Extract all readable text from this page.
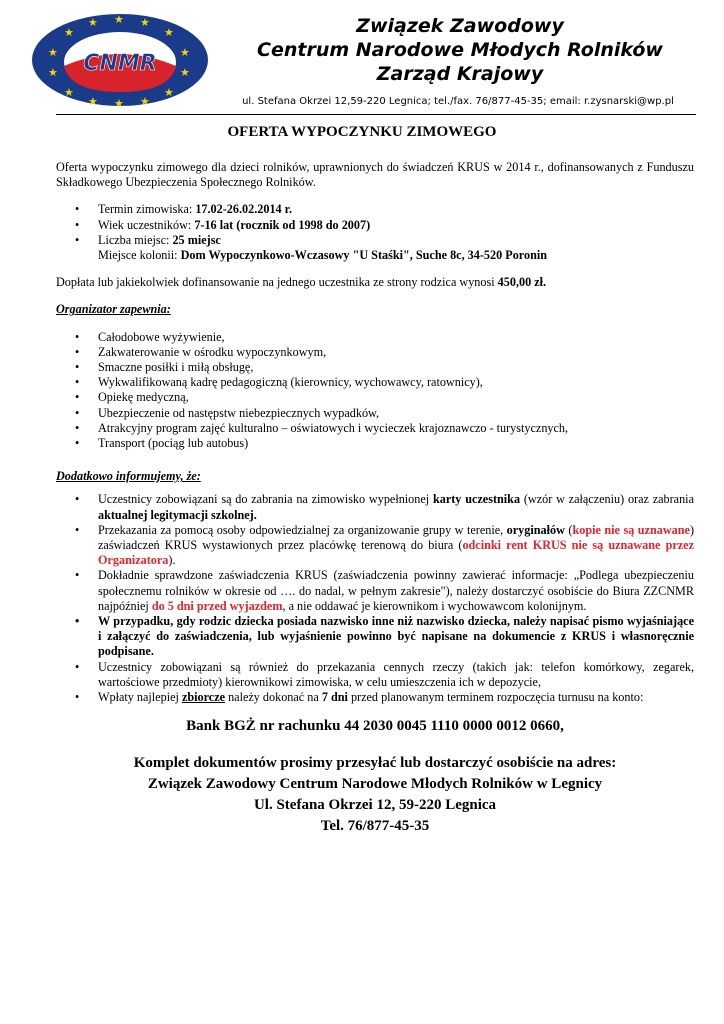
★
★ ★ ★
★
★
★
★
★
★
★
★
★
★ CNMR
Związek Zawodowy
Centrum Narodowe Młodych Rolników
Zarząd Krajowy
ul. Stefana Okrzei 12,59-220 Legnica; tel./fax. 76/877-45-35; email: r.zysnarski@wp.pl
OFERTA WYPOCZYNKU ZIMOWEGO

Oferta wypoczynku zimowego dla dzieci rolników, uprawnionych do świadczeń KRUS w 2014 r., dofinansowanych z Funduszu Składkowego Ubezpieczenia Społecznego Rolników.

• Termin zimowiska: 17.02-26.02.2014 r.
• Wiek uczestników: 7-16 lat (rocznik od 1998 do 2007)
• Liczba miejsc: 25 miejsc
Miejsce kolonii: Dom Wypoczynkowo-Wczasowy "U Staśki", Suche 8c, 34-520 Poronin

Dopłata lub jakiekolwiek dofinansowanie na jednego uczestnika ze strony rodzica wynosi 450,00 zł.

Organizator zapewnia:

• Całodobowe wyżywienie,
• Zakwaterowanie w ośrodku wypoczynkowym,
• Smaczne posiłki i miłą obsługę,
• Wykwalifikowaną kadrę pedagogiczną (kierownicy, wychowawcy, ratownicy),
• Opiekę medyczną,
• Ubezpieczenie od następstw niebezpiecznych wypadków,
• Atrakcyjny program zajęć kulturalno – oświatowych i wycieczek krajoznawczo - turystycznych,
• Transport (pociąg lub autobus)

Dodatkowo informujemy, że:

• Uczestnicy zobowiązani są do zabrania na zimowisko wypełnionej karty uczestnika (wzór w załączeniu) oraz zabrania aktualnej legitymacji szkolnej.
• Przekazania za pomocą osoby odpowiedzialnej za organizowanie grupy w terenie, oryginałów (kopie nie są uznawane) zaświadczeń KRUS wystawionych przez placówkę terenową do biura (odcinki rent KRUS nie są uznawane przez Organizatora).
• Dokładnie sprawdzone zaświadczenia KRUS (zaświadczenia powinny zawierać informacje: „Podlega ubezpieczeniu społecznemu rolników w okresie od …. do nadal, w pełnym zakresie"), należy dostarczyć osobiście do Biura ZZCNMR najpóźniej do 5 dni przed wyjazdem, a nie oddawać je kierownikom i wychowawcom kolonijnym.
• W przypadku, gdy rodzic dziecka posiada nazwisko inne niż nazwisko dziecka, należy napisać pismo wyjaśniające i załączyć do zaświadczenia, lub wyjaśnienie powinno być napisane na dokumencie z KRUS i własnoręcznie podpisane.
• Uczestnicy zobowiązani są również do przekazania cennych rzeczy (takich jak: telefon komórkowy, zegarek, wartościowe przedmioty) kierownikowi zimowiska, w celu umieszczenia ich w depozycie,
• Wpłaty najlepiej zbiorcze należy dokonać na 7 dni przed planowanym terminem rozpoczęcia turnusu na konto:
Bank BGŻ nr rachunku 44 2030 0045 1110 0000 0012 0660,
Komplet dokumentów prosimy przesyłać lub dostarczyć osobiście na adres:
Związek Zawodowy Centrum Narodowe Młodych Rolników w Legnicy
Ul. Stefana Okrzei 12, 59-220 Legnica
Tel. 76/877-45-35
